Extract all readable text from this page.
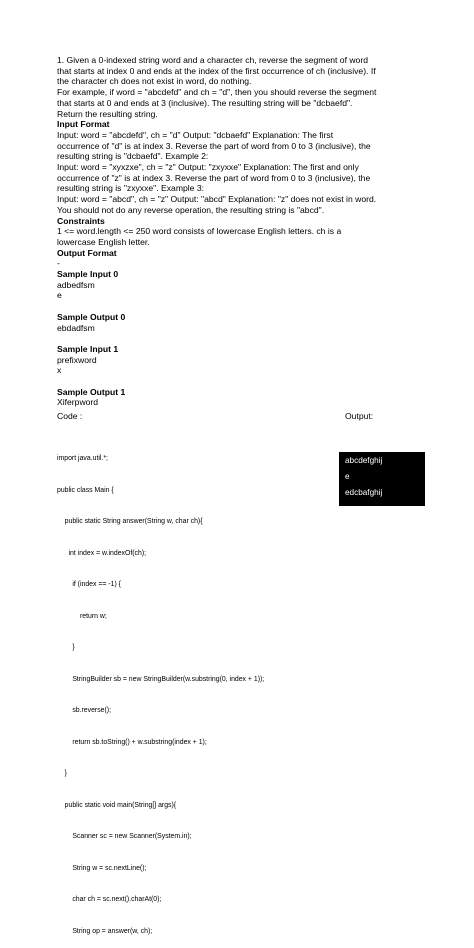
1. Given a 0-indexed string word and a character ch, reverse the segment of word

that starts at index 0 and ends at the index of the first occurrence of ch (inclusive). If

the character ch does not exist in word, do nothing.

For example, if word = "abcdefd" and ch = "d", then you should reverse the segment

that starts at 0 and ends at 3 (inclusive). The resulting string will be "dcbaefd".

Return the resulting string.

Input Format

Input: word = "abcdefd", ch = "d" Output: "dcbaefd" Explanation: The first

occurrence of "d" is at index 3. Reverse the part of word from 0 to 3 (inclusive), the

resulting string is "dcbaefd". Example 2:

Input: word = "xyxzxe", ch = "z" Output: "zxyxxe" Explanation: The first and only

occurrence of "z" is at index 3. Reverse the part of word from 0 to 3 (inclusive), the

resulting string is "zxyxxe". Example 3:

Input: word = "abcd", ch = "z" Output: "abcd" Explanation: "z" does not exist in word.

You should not do any reverse operation, the resulting string is "abcd".

Constraints

1 <= word.length <= 250 word consists of lowercase English letters. ch is a

lowercase English letter.

Output Format

-

Sample Input 0

adbedfsm

e

Sample Output 0

ebdadfsm

Sample Input 1

prefixword

x

Sample Output 1

Xiferpword

Code :	Output:

import java.util.*;

public class Main {

public static String answer(String w, char ch){

int index = w.indexOf(ch);

if (index == -1) {

return w;

}

StringBuilder sb = new StringBuilder(w.substring(0, index + 1));

sb.reverse();

return sb.toString() + w.substring(index + 1);

}

public static void main(String[] args){

Scanner sc = new Scanner(System.in);

String w = sc.nextLine();

char ch = sc.next().charAt(0);

String op = answer(w, ch);

abcdefghij
e
edcbafghij
